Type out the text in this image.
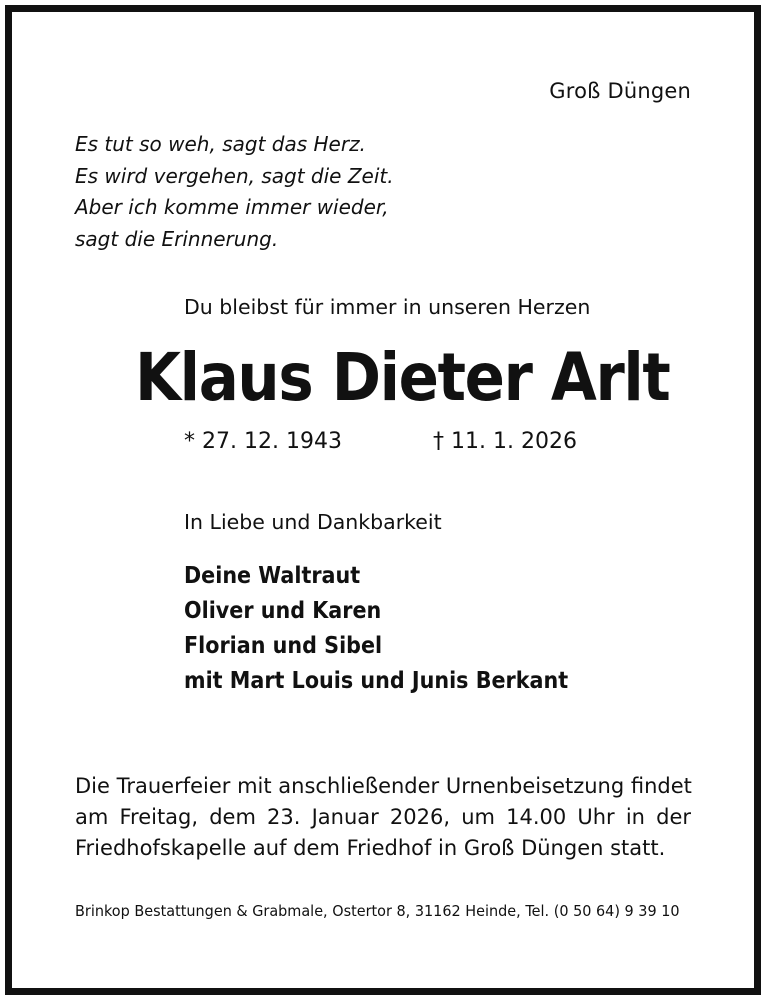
Groß Düngen

Es tut so weh, sagt das Herz.
Es wird vergehen, sagt die Zeit.
Aber ich komme immer wieder,
sagt die Erinnerung.

Du bleibst für immer in unseren Herzen

Klaus Dieter Arlt

* 27. 12. 1943	† 11. 1. 2026

In Liebe und Dankbarkeit

Deine Waltraut
Oliver und Karen
Florian und Sibel
mit Mart Louis und Junis Berkant
Die Trauerfeier mit anschließender Urnenbeisetzung findet
am Freitag, dem 23. Januar 2026, um 14.00 Uhr in der
Friedhofskapelle auf dem Friedhof in Groß Düngen statt.

Brinkop Bestattungen & Grabmale, Ostertor 8, 31162 Heinde, Tel. (0 50 64) 9 39 10
